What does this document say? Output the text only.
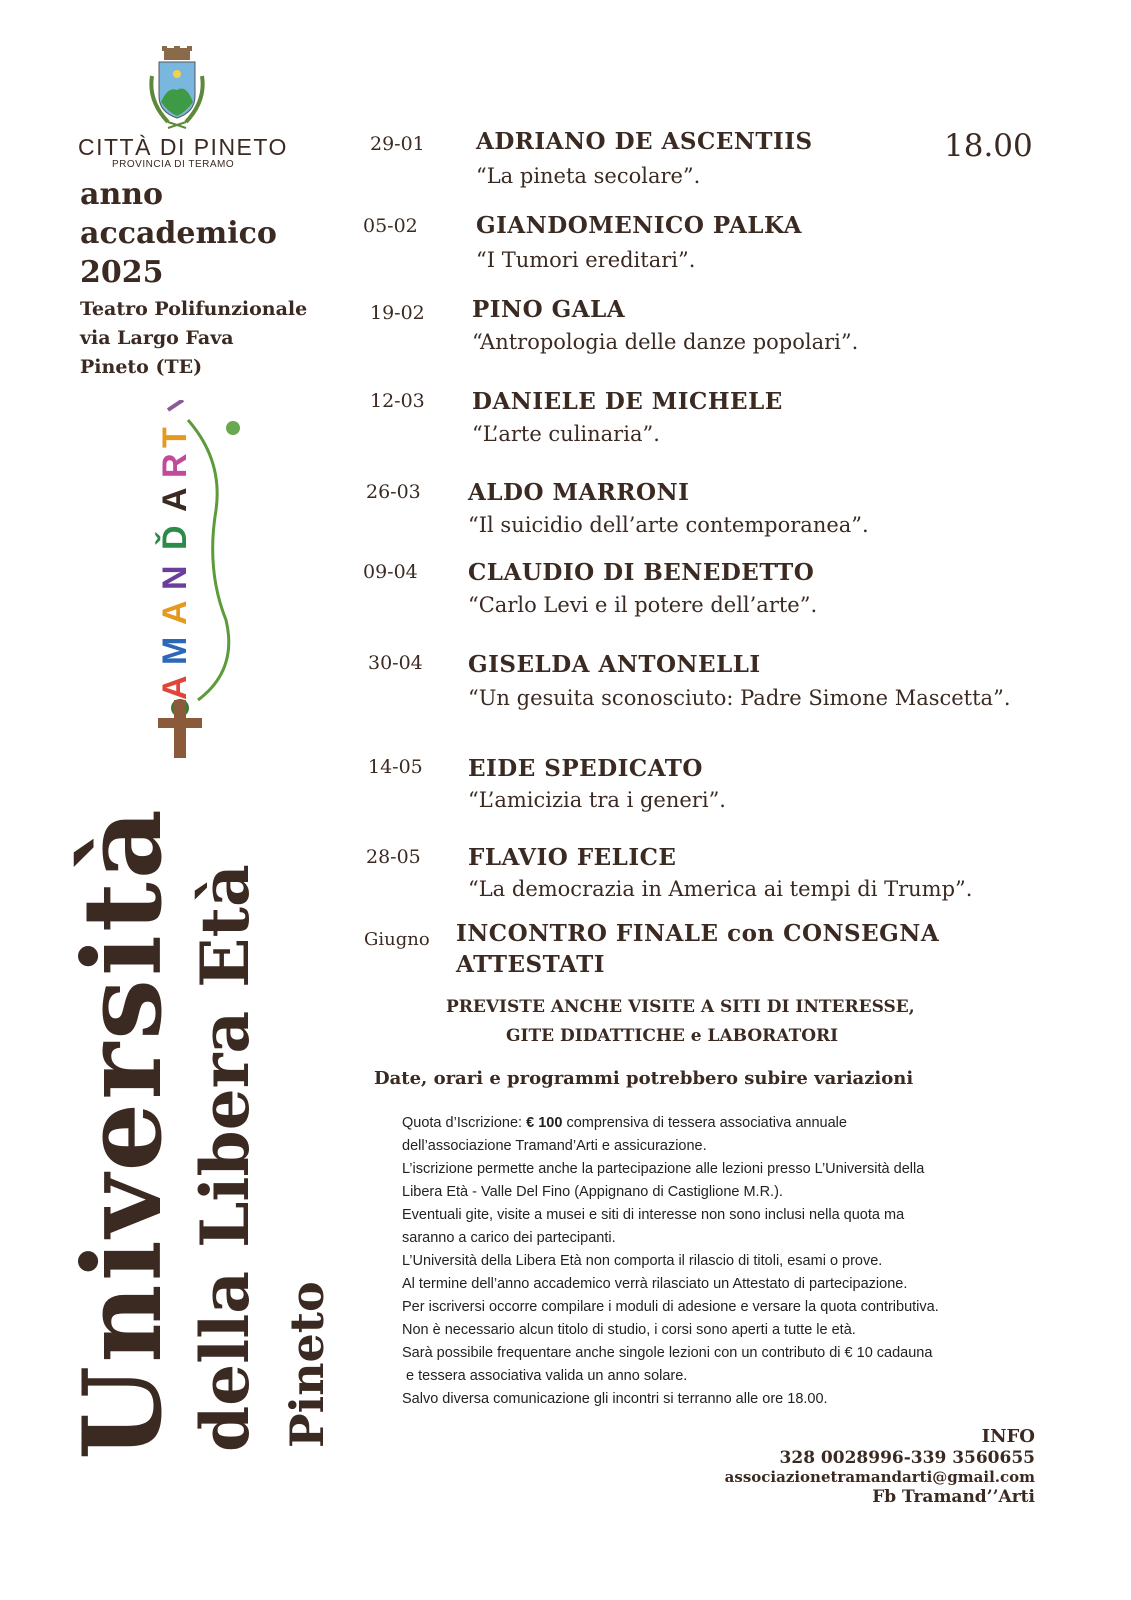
CITTÀ DI PINETO
PROVINCIA DI TERAMO
anno
accademico
2025
Teatro Polifunzionale
via Largo Fava
Pineto (TE)
A
M
A
N
Ď
A
R
T
Università della Libera Età Pineto
18.00
29-01 ADRIANO DE ASCENTIIS
“La pineta secolare”.
05-02	GIANDOMENICO PALKA
“I Tumori ereditari”.
19-02 PINO GALA
“Antropologia delle danze popolari”.
12-03 DANIELE DE MICHELE
“L’arte culinaria”.
26-03 ALDO MARRONI
“Il suicidio dell’arte contemporanea”.
09-04 CLAUDIO DI BENEDETTO
“Carlo Levi e il potere dell’arte”.
30-04 GISELDA ANTONELLI
“Un gesuita sconosciuto: Padre Simone Mascetta”.
14-05 EIDE SPEDICATO
“L’amicizia tra i generi”.
28-05 FLAVIO FELICE
“La democrazia in America ai tempi di Trump”.
Giugno INCONTRO FINALE con CONSEGNA
ATTESTATI
PREVISTE ANCHE VISITE A SITI DI INTERESSE,
GITE DIDATTICHE e LABORATORI
Date, orari e programmi potrebbero subire variazioni
Quota d’Iscrizione: € 100 comprensiva di tessera associativa annuale
dell’associazione Tramand’Arti e assicurazione.
L’iscrizione permette anche la partecipazione alle lezioni presso L’Università della
Libera Età - Valle Del Fino (Appignano di Castiglione M.R.).
Eventuali gite, visite a musei e siti di interesse non sono inclusi nella quota ma
saranno a carico dei partecipanti.
L’Università della Libera Età non comporta il rilascio di titoli, esami o prove.
Al termine dell’anno accademico verrà rilasciato un Attestato di partecipazione.
Per iscriversi occorre compilare i moduli di adesione e versare la quota contributiva.
Non è necessario alcun titolo di studio, i corsi sono aperti a tutte le età.
Sarà possibile frequentare anche singole lezioni con un contributo di € 10 cadauna
e tessera associativa valida un anno solare.
Salvo diversa comunicazione gli incontri si terranno alle ore 18.00.
INFO
328 0028996-339 3560655
associazionetramandarti@gmail.com
Fb Tramand’’Arti
